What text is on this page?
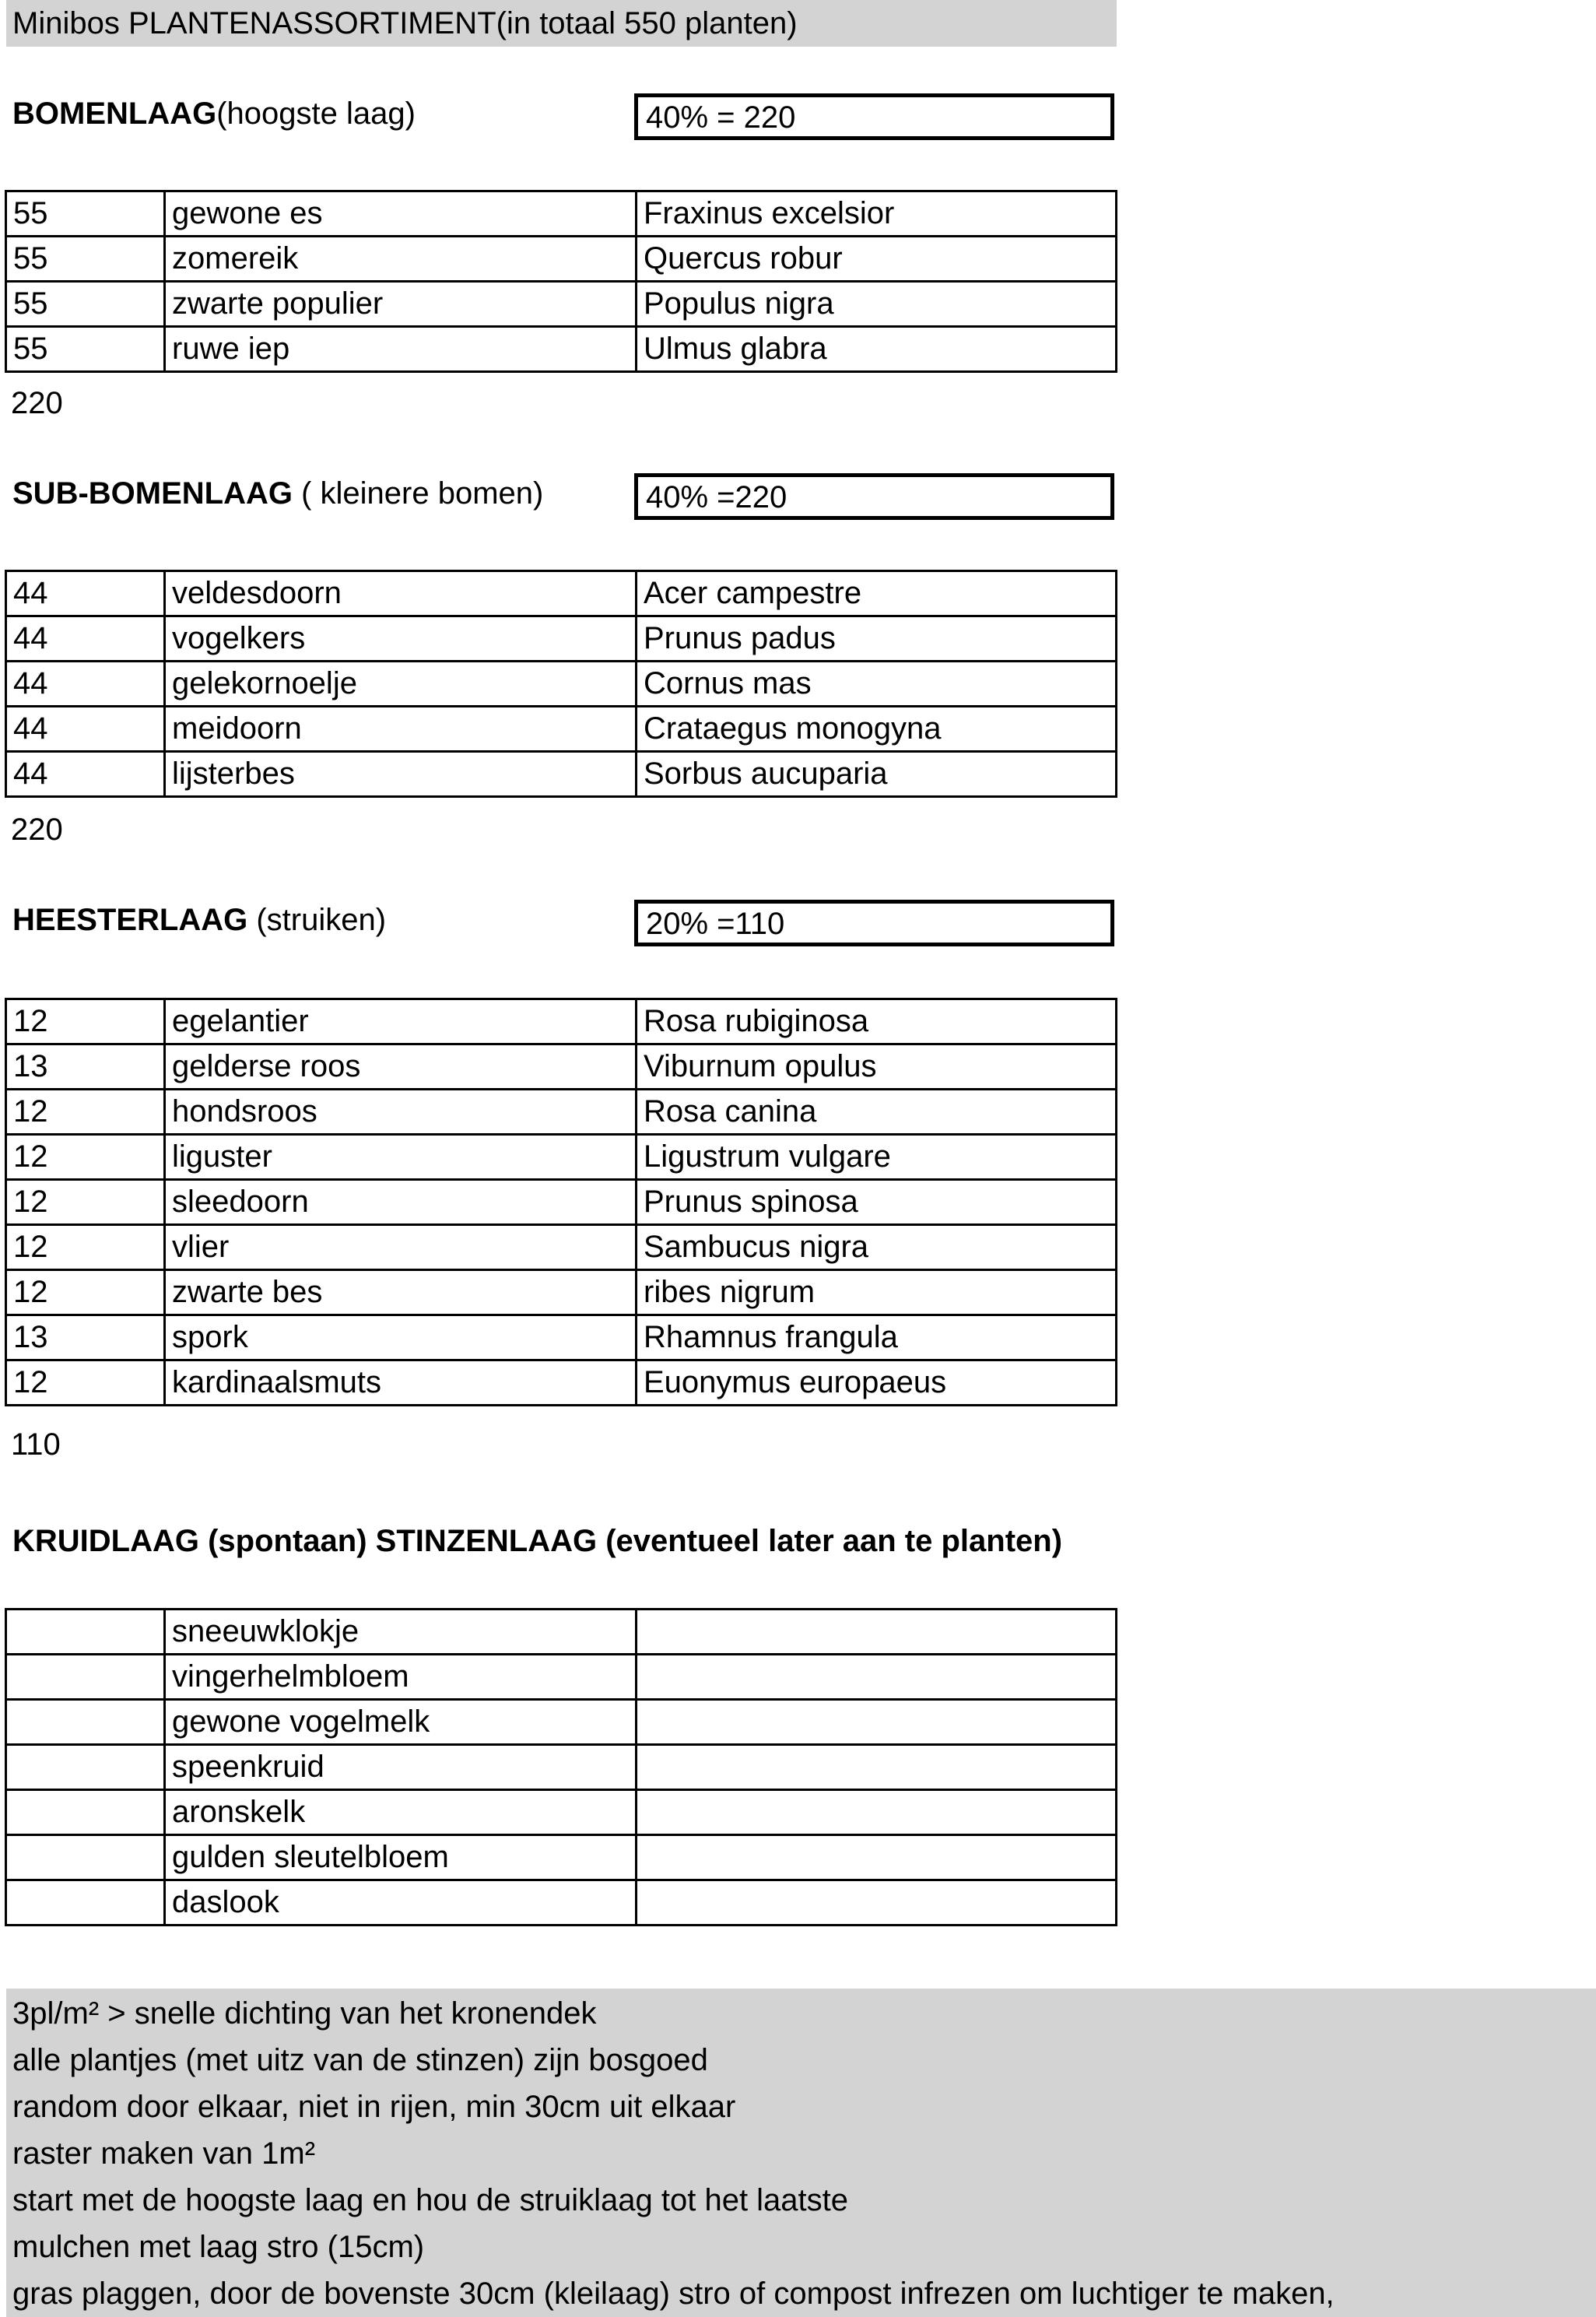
Minibos PLANTENASSORTIMENT(in totaal 550 planten)
BOMENLAAG(hoogste laag)	40% = 220
55	gewone es	Fraxinus excelsior
55	zomereik	Quercus robur
55	zwarte populier	Populus nigra
55	ruwe iep	Ulmus glabra
220
SUB-BOMENLAAG ( kleinere bomen)	40% =220
44	veldesdoorn	Acer campestre
44	vogelkers	Prunus padus
44	gelekornoelje	Cornus mas
44	meidoorn	Crataegus monogyna
44	lijsterbes	Sorbus aucuparia
220
HEESTERLAAG (struiken)	20% =110
12	egelantier	Rosa rubiginosa
13	gelderse roos	Viburnum opulus
12	hondsroos	Rosa canina
12	liguster	Ligustrum vulgare
12	sleedoorn	Prunus spinosa
12	vlier	Sambucus nigra
12	zwarte bes	ribes nigrum
13	spork	Rhamnus frangula
12	kardinaalsmuts	Euonymus europaeus
110
KRUIDLAAG (spontaan) STINZENLAAG (eventueel later aan te planten)
	sneeuwklokje	
	vingerhelmbloem	
	gewone vogelmelk	
	speenkruid	
	aronskelk	
	gulden sleutelbloem	
	daslook	
3pl/m² > snelle dichting van het kronendek
alle plantjes (met uitz van de stinzen) zijn bosgoed
random door elkaar, niet in rijen, min 30cm uit elkaar
raster maken van 1m²
start met de hoogste laag en hou de struiklaag tot het laatste
mulchen met laag stro (15cm)
gras plaggen, door de bovenste 30cm (kleilaag) stro of compost infrezen om luchtiger te maken,
